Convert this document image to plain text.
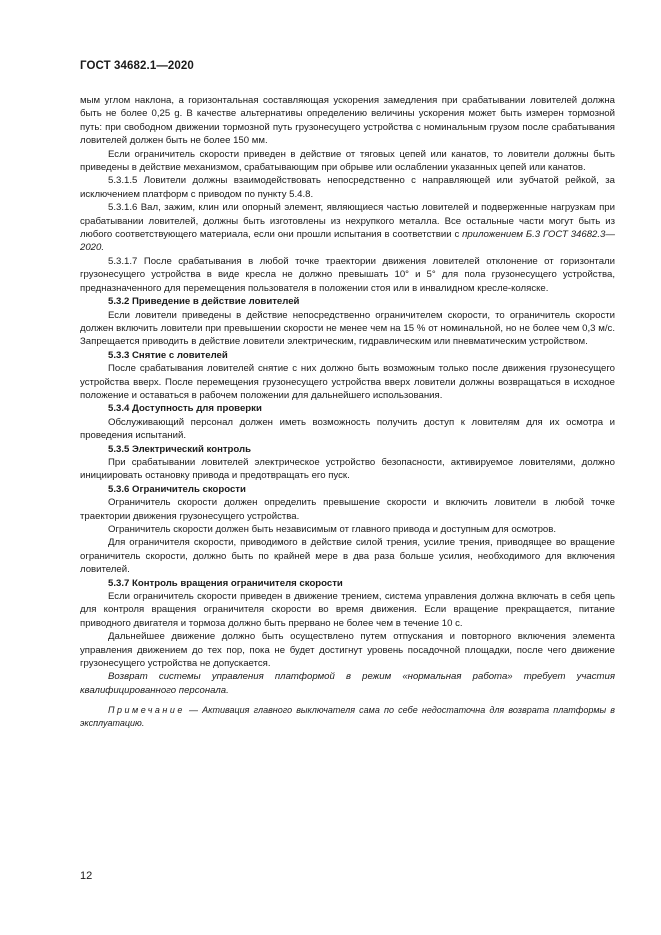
ГОСТ 34682.1—2020

мым углом наклона, а горизонтальная составляющая ускорения замедления при срабатывании ловителей должна быть не более 0,25 g. В качестве альтернативы определению величины ускорения может быть измерен тормозной путь: при свободном движении тормозной путь грузонесущего устройства с номинальным грузом после срабатывания ловителей должен быть не более 150 мм.

Если ограничитель скорости приведен в действие от тяговых цепей или канатов, то ловители должны быть приведены в действие механизмом, срабатывающим при обрыве или ослаблении указанных цепей или канатов.

5.3.1.5 Ловители должны взаимодействовать непосредственно с направляющей или зубчатой рейкой, за исключением платформ с приводом по пункту 5.4.8.

5.3.1.6 Вал, зажим, клин или опорный элемент, являющиеся частью ловителей и подверженные нагрузкам при срабатывании ловителей, должны быть изготовлены из нехрупкого металла. Все остальные части могут быть из любого соответствующего материала, если они прошли испытания в соответствии с приложением Б.3 ГОСТ 34682.3—2020.

5.3.1.7 После срабатывания в любой точке траектории движения ловителей отклонение от горизонтали грузонесущего устройства в виде кресла не должно превышать 10° и 5° для пола грузонесущего устройства, предназначенного для перемещения пользователя в положении стоя или в инвалидном кресле-коляске.

5.3.2 Приведение в действие ловителей

Если ловители приведены в действие непосредственно ограничителем скорости, то ограничитель скорости должен включить ловители при превышении скорости не менее чем на 15 % от номинальной, но не более чем 0,3 м/с. Запрещается приводить в действие ловители электрическим, гидравлическим или пневматическим устройством.

5.3.3 Снятие с ловителей

После срабатывания ловителей снятие с них должно быть возможным только после движения грузонесущего устройства вверх. После перемещения грузонесущего устройства вверх ловители должны возвращаться в исходное положение и оставаться в рабочем положении для дальнейшего использования.

5.3.4 Доступность для проверки

Обслуживающий персонал должен иметь возможность получить доступ к ловителям для их осмотра и проведения испытаний.

5.3.5 Электрический контроль

При срабатывании ловителей электрическое устройство безопасности, активируемое ловителями, должно инициировать остановку привода и предотвращать его пуск.

5.3.6 Ограничитель скорости

Ограничитель скорости должен определить превышение скорости и включить ловители в любой точке траектории движения грузонесущего устройства.

Ограничитель скорости должен быть независимым от главного привода и доступным для осмотров.

Для ограничителя скорости, приводимого в действие силой трения, усилие трения, приводящее во вращение ограничитель скорости, должно быть по крайней мере в два раза больше усилия, необходимого для включения ловителей.

5.3.7 Контроль вращения ограничителя скорости

Если ограничитель скорости приведен в движение трением, система управления должна включать в себя цепь для контроля вращения ограничителя скорости во время движения. Если вращение прекращается, питание приводного двигателя и тормоза должно быть прервано не более чем в течение 10 с.

Дальнейшее движение должно быть осуществлено путем отпускания и повторного включения элемента управления движением до тех пор, пока не будет достигнут уровень посадочной площадки, после чего движение грузонесущего устройства не допускается.

Возврат системы управления платформой в режим «нормальная работа» требует участия квалифицированного персонала.

Примечание — Активация главного выключателя сама по себе недостаточна для возврата платформы в эксплуатацию.

12
